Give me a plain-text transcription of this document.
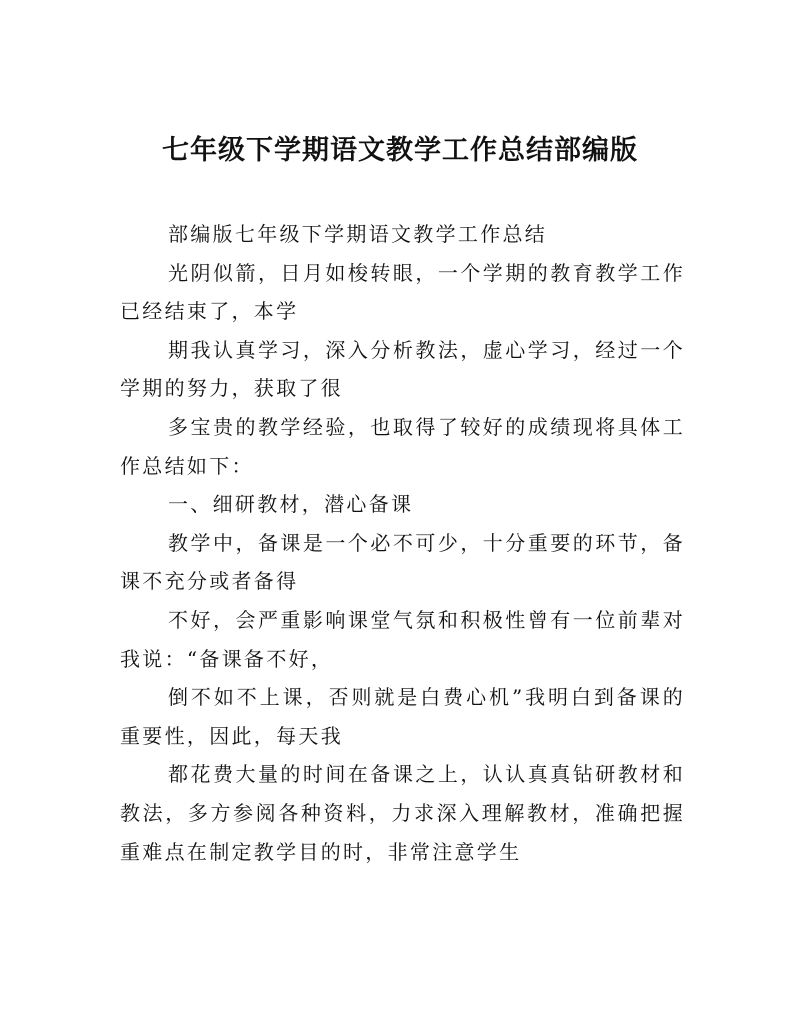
七年级下学期语文教学工作总结部编版

部编版七年级下学期语文教学工作总结

光阴似箭，日月如梭转眼，一个学期的教育教学工作已经结束了，本学

期我认真学习，深入分析教法，虚心学习，经过一个学期的努力，获取了很

多宝贵的教学经验，也取得了较好的成绩现将具体工作总结如下：

一、细研教材，潜心备课

教学中，备课是一个必不可少，十分重要的环节，备课不充分或者备得

不好，会严重影响课堂气氛和积极性曾有一位前辈对我说：“备课备不好，

倒不如不上课，否则就是白费心机”我明白到备课的重要性，因此，每天我

都花费大量的时间在备课之上，认认真真钻研教材和教法，多方参阅各种资料，力求深入理解教材，准确把握重难点在制定教学目的时，非常注意学生
